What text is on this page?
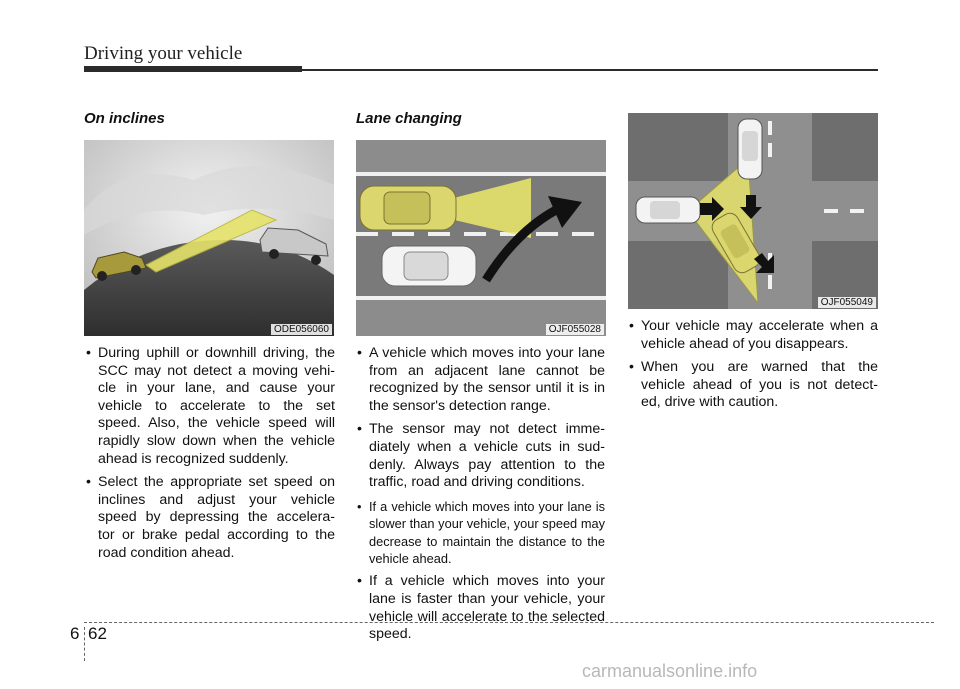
Driving your vehicle
On inclines
ODE056060
• During uphill or downhill driving, the SCC may not detect a moving vehi- cle in your lane, and cause your vehicle to accelerate to the set speed. Also, the vehicle speed will rapidly slow down when the vehicle ahead is recognized suddenly.
• Select the appropriate set speed on inclines and adjust your vehicle speed by depressing the accelera- tor or brake pedal according to the road condition ahead.
Lane changing
OJF055028
• A vehicle which moves into your lane from an adjacent lane cannot be recognized by the sensor until it is in the sensor's detection range.
• The sensor may not detect imme- diately when a vehicle cuts in sud- denly. Always pay attention to the traffic, road and driving conditions.
• If a vehicle which moves into your lane is slower than your vehicle, your speed may decrease to maintain the distance to the vehicle ahead.
• If a vehicle which moves into your lane is faster than your vehicle, your vehicle will accelerate to the selected speed.
OJF055049
• Your vehicle may accelerate when a vehicle ahead of you disappears.
• When you are warned that the vehicle ahead of you is not detect- ed, drive with caution.
6 62
carmanualsonline.info
